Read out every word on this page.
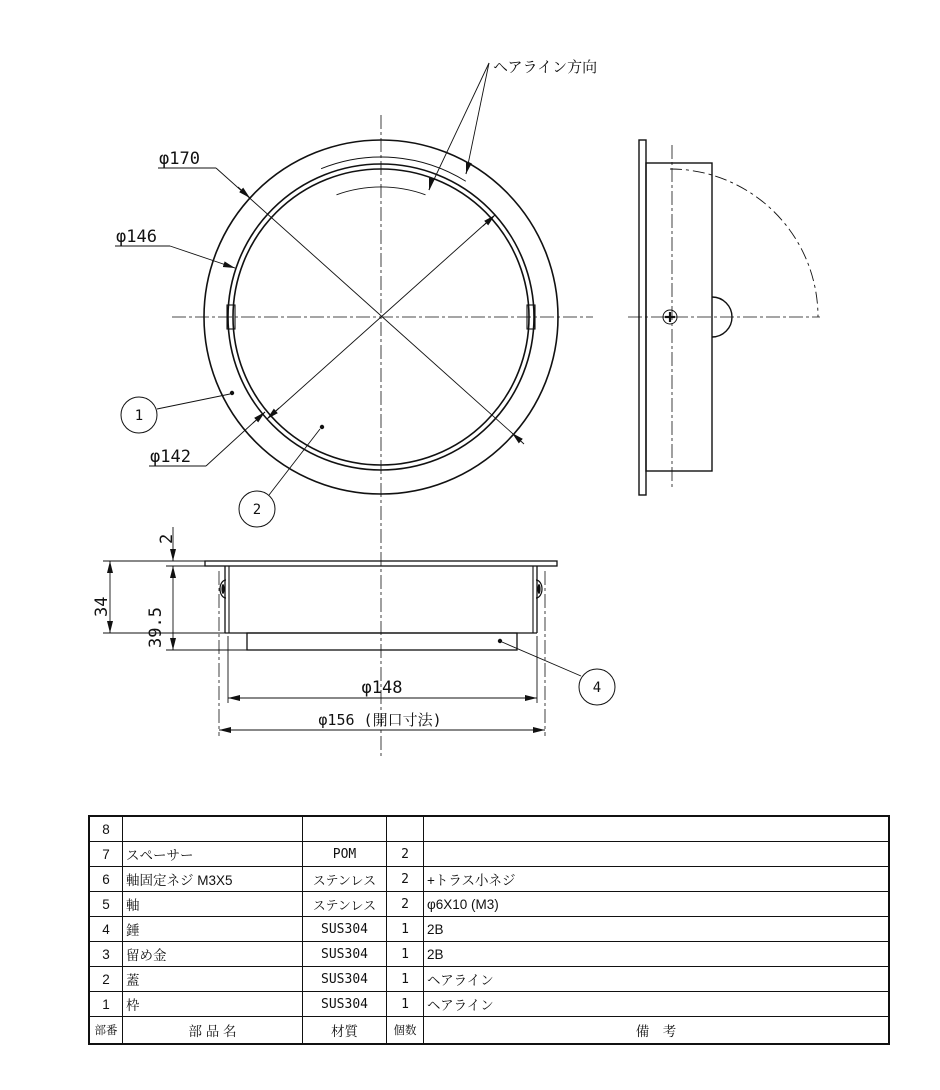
φ170
φ146
φ142
ヘアライン方向
1
2
φ148
φ156 (開口寸法)
2
34
39.5
4
8				
7	スペーサー	POM	2	
6	軸固定ネジ M3X5	ステンレス	2	+トラス小ネジ
5	軸	ステンレス	2	φ6X10 (M3)
4	錘	SUS304	1	2B
3	留め金	SUS304	1	2B
2	蓋	SUS304	1	ヘアライン
1	枠	SUS304	1	ヘアライン
部番	部 品 名	材質	個数	備　考
